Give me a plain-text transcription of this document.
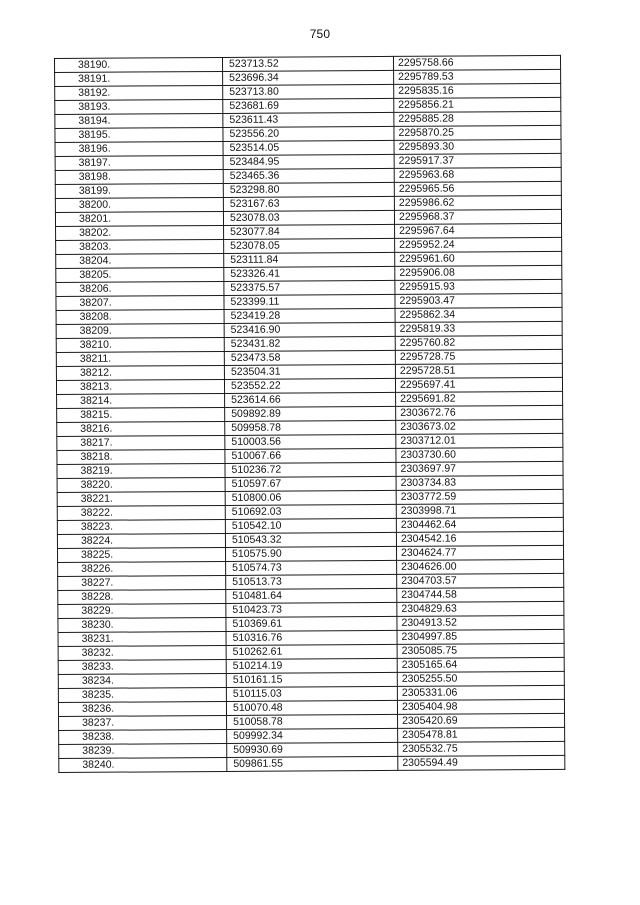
750
38190.	523713.52	2295758.66
38191.	523696.34	2295789.53
38192.	523713.80	2295835.16
38193.	523681.69	2295856.21
38194.	523611.43	2295885.28
38195.	523556.20	2295870.25
38196.	523514.05	2295893.30
38197.	523484.95	2295917.37
38198.	523465.36	2295963.68
38199.	523298.80	2295965.56
38200.	523167.63	2295986.62
38201.	523078.03	2295968.37
38202.	523077.84	2295967.64
38203.	523078.05	2295952.24
38204.	523111.84	2295961.60
38205.	523326.41	2295906.08
38206.	523375.57	2295915.93
38207.	523399.11	2295903.47
38208.	523419.28	2295862.34
38209.	523416.90	2295819.33
38210.	523431.82	2295760.82
38211.	523473.58	2295728.75
38212.	523504.31	2295728.51
38213.	523552.22	2295697.41
38214.	523614.66	2295691.82
38215.	509892.89	2303672.76
38216.	509958.78	2303673.02
38217.	510003.56	2303712.01
38218.	510067.66	2303730.60
38219.	510236.72	2303697.97
38220.	510597.67	2303734.83
38221.	510800.06	2303772.59
38222.	510692.03	2303998.71
38223.	510542.10	2304462.64
38224.	510543.32	2304542.16
38225.	510575.90	2304624.77
38226.	510574.73	2304626.00
38227.	510513.73	2304703.57
38228.	510481.64	2304744.58
38229.	510423.73	2304829.63
38230.	510369.61	2304913.52
38231.	510316.76	2304997.85
38232.	510262.61	2305085.75
38233.	510214.19	2305165.64
38234.	510161.15	2305255.50
38235.	510115.03	2305331.06
38236.	510070.48	2305404.98
38237.	510058.78	2305420.69
38238.	509992.34	2305478.81
38239.	509930.69	2305532.75
38240.	509861.55	2305594.49
